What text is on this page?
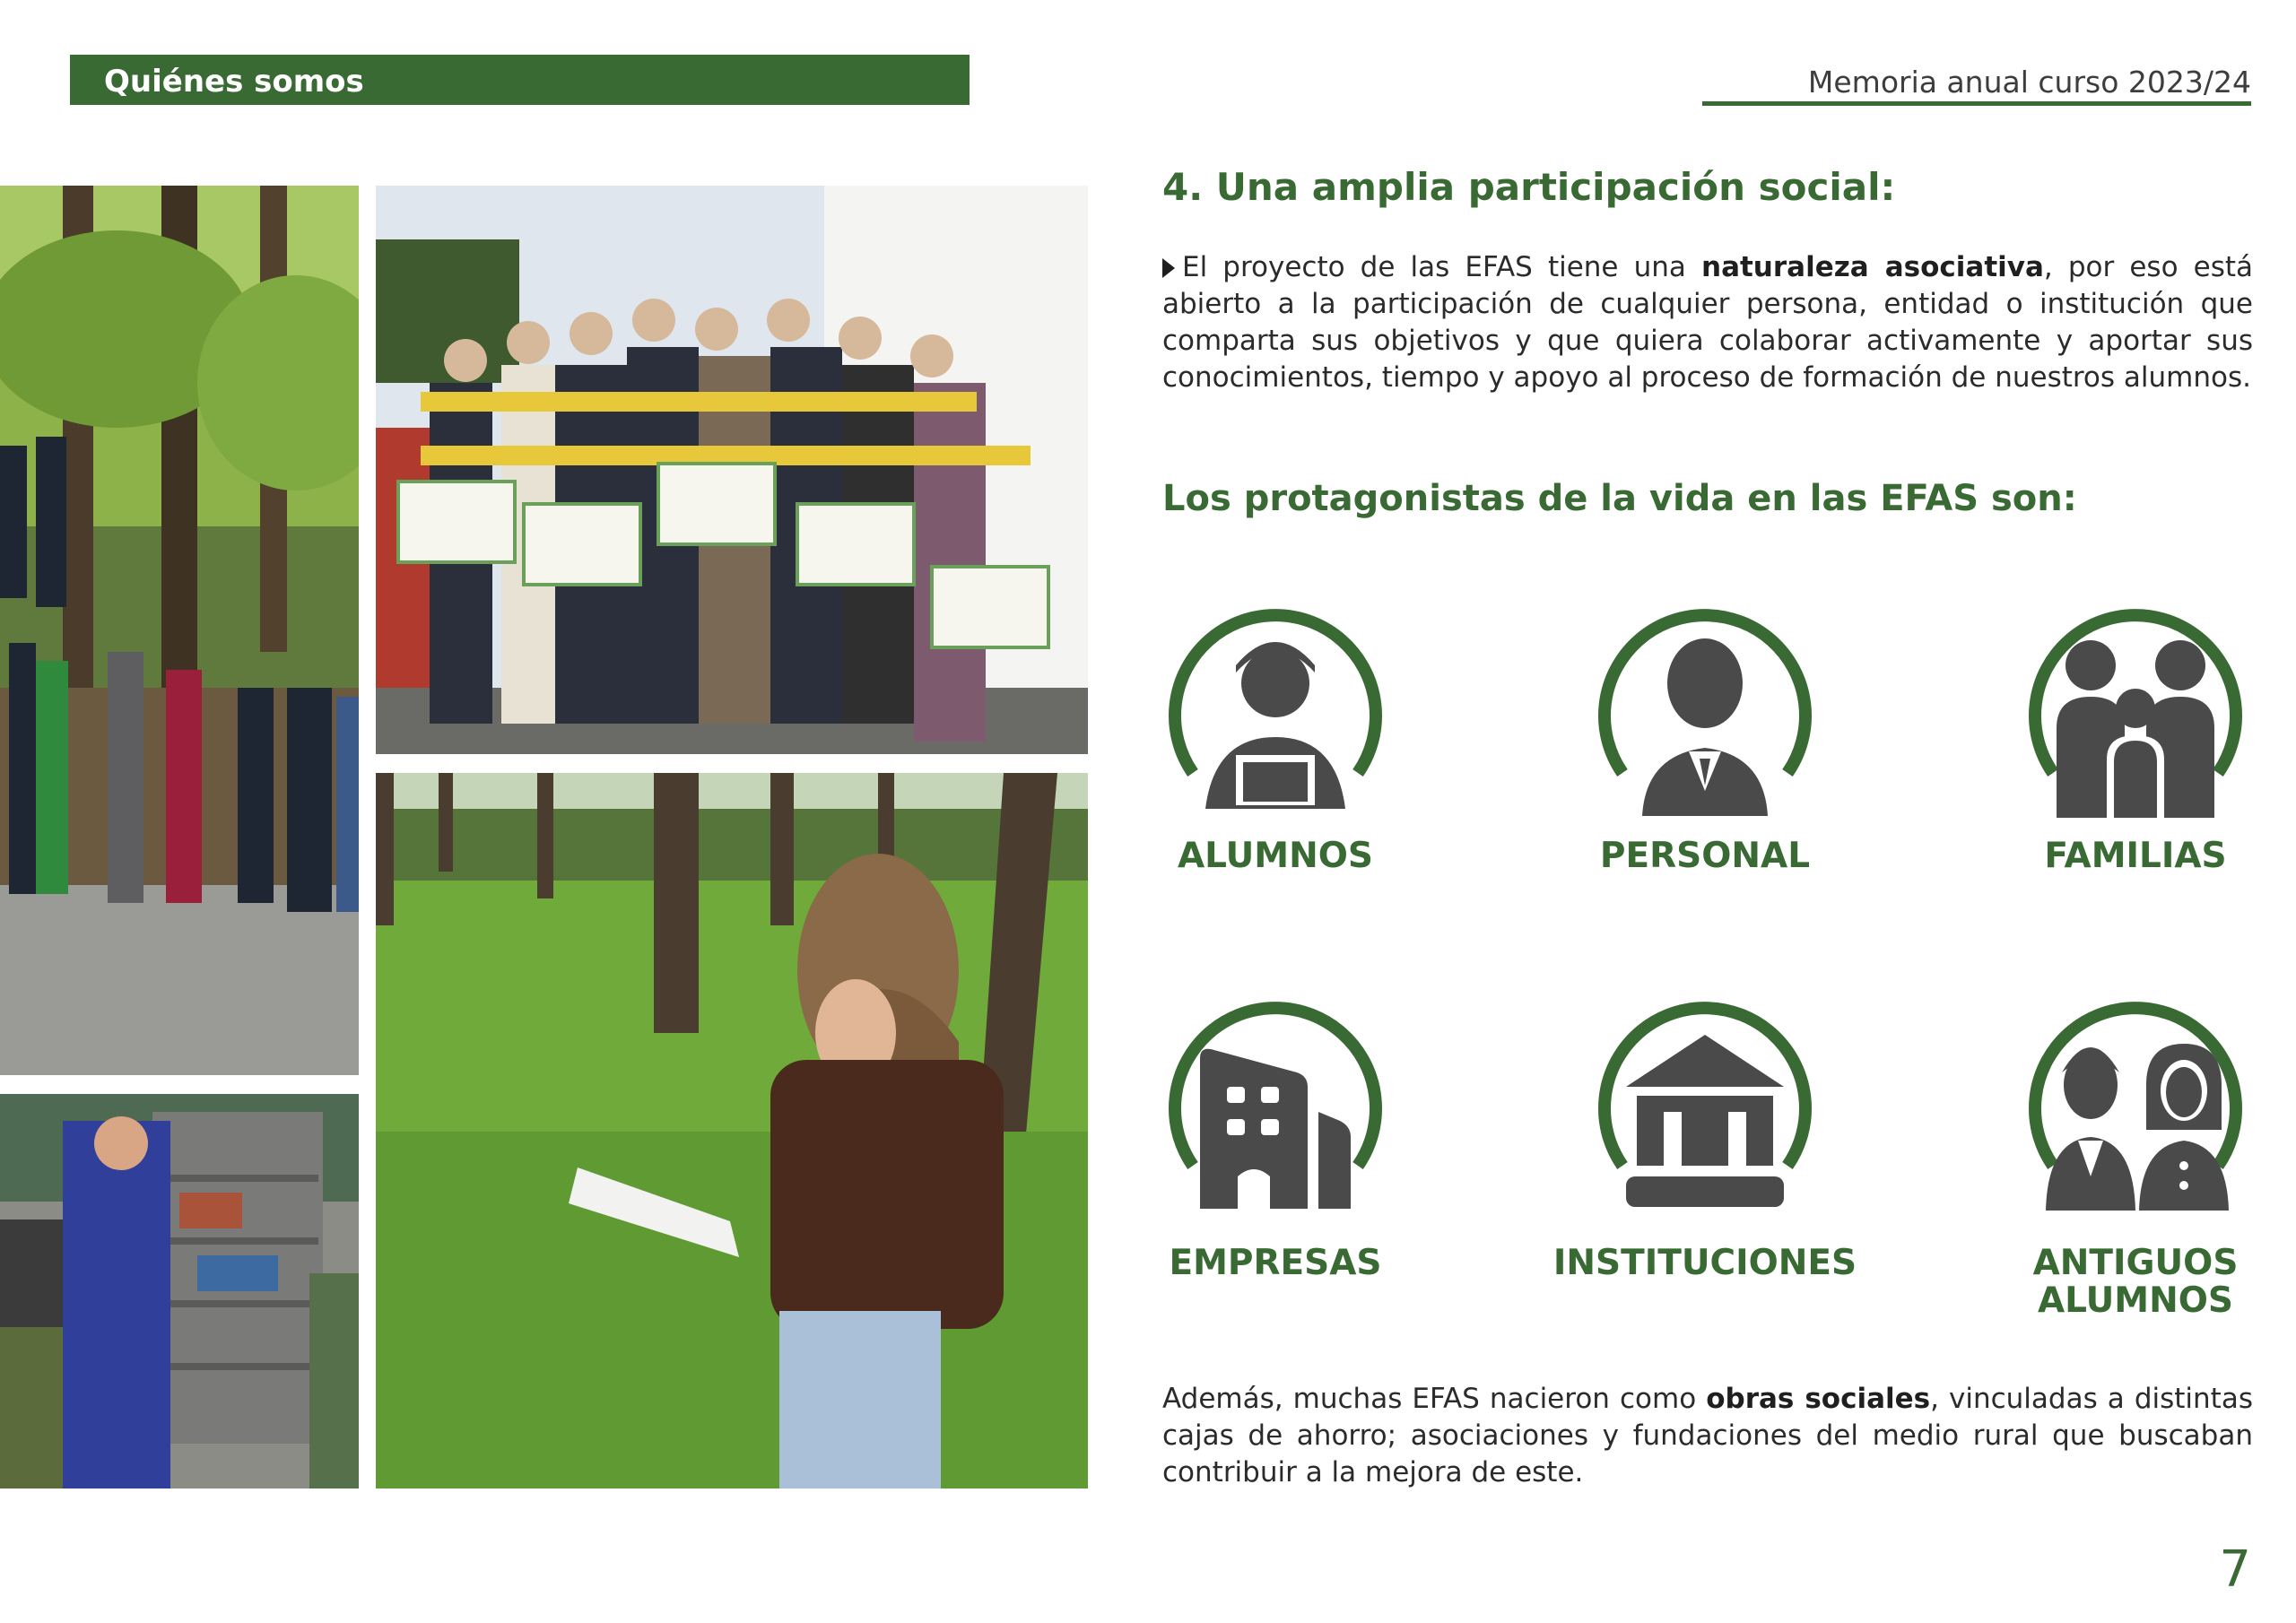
Quiénes somos	Memoria anual curso 2023/24
4. Una amplia participación social:
El proyecto de las EFAS tiene una naturaleza asociativa, por eso está abierto a la participación de cualquier persona, entidad o institución que comparta sus objetivos y que quiera colaborar activamente y aportar sus conocimientos, tiempo y apoyo al proceso de formación de nuestros alumnos.
Los protagonistas de la vida en las EFAS son:
ALUMNOS	PERSONAL	FAMILIAS
EMPRESAS	INSTITUCIONES	ANTIGUOS ALUMNOS
Además, muchas EFAS nacieron como obras sociales, vinculadas a distintas cajas de ahorro; asociaciones y fundaciones del medio rural que buscaban contribuir a la mejora de este.
7
